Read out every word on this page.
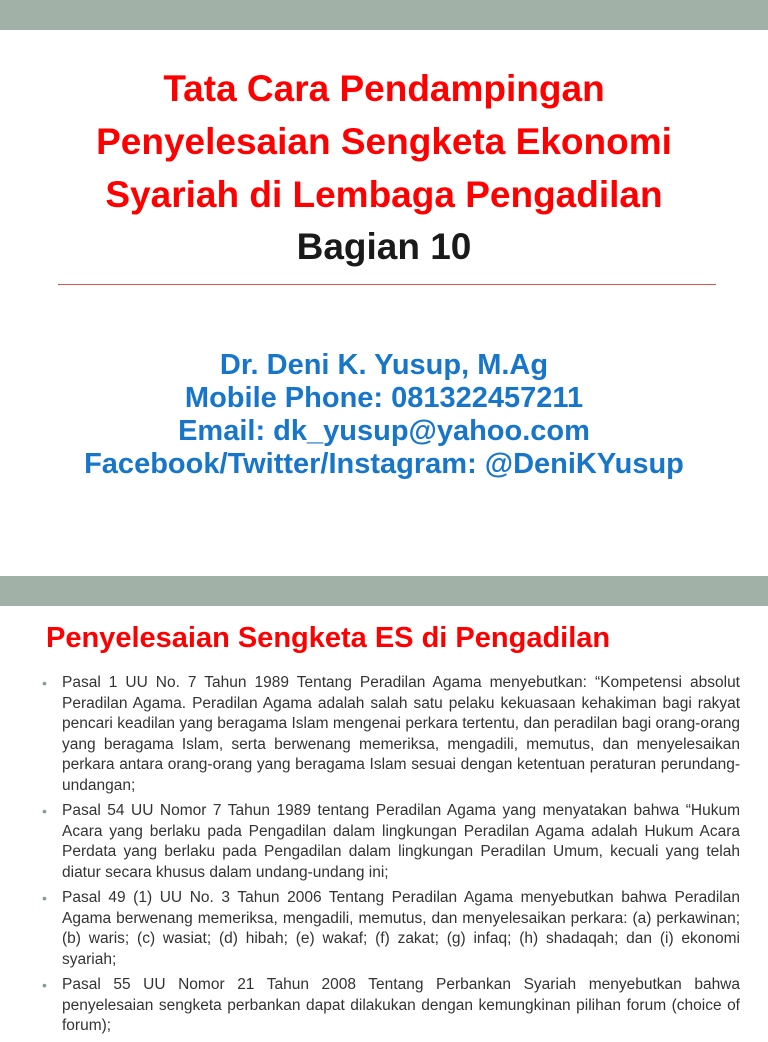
Tata Cara Pendampingan
Penyelesaian Sengketa Ekonomi
Syariah di Lembaga Pengadilan
Bagian 10
Dr. Deni K. Yusup, M.Ag
Mobile Phone: 081322457211
Email: dk_yusup@yahoo.com
Facebook/Twitter/Instagram: @DeniKYusup
Penyelesaian Sengketa ES di Pengadilan
• Pasal 1 UU No. 7 Tahun 1989 Tentang Peradilan Agama menyebutkan: “Kompetensi absolut Peradilan Agama. Peradilan Agama adalah salah satu pelaku kekuasaan kehakiman bagi rakyat pencari keadilan yang beragama Islam mengenai perkara tertentu, dan peradilan bagi orang-orang yang beragama Islam, serta berwenang memeriksa, mengadili, memutus, dan menyelesaikan perkara antara orang-orang yang beragama Islam sesuai dengan ketentuan peraturan perundang-undangan;
• Pasal 54 UU Nomor 7 Tahun 1989 tentang Peradilan Agama yang menyatakan bahwa “Hukum Acara yang berlaku pada Pengadilan dalam lingkungan Peradilan Agama adalah Hukum Acara Perdata yang berlaku pada Pengadilan dalam lingkungan Peradilan Umum, kecuali yang telah diatur secara khusus dalam undang-undang ini;
• Pasal 49 (1) UU No. 3 Tahun 2006 Tentang Peradilan Agama menyebutkan bahwa Peradilan Agama berwenang memeriksa, mengadili, memutus, dan menyelesaikan perkara: (a) perkawinan; (b) waris; (c) wasiat; (d) hibah; (e) wakaf; (f) zakat; (g) infaq; (h) shadaqah; dan (i) ekonomi syariah;
• Pasal 55 UU Nomor 21 Tahun 2008 Tentang Perbankan Syariah menyebutkan bahwa penyelesaian sengketa perbankan dapat dilakukan dengan kemungkinan pilihan forum (choice of forum);
